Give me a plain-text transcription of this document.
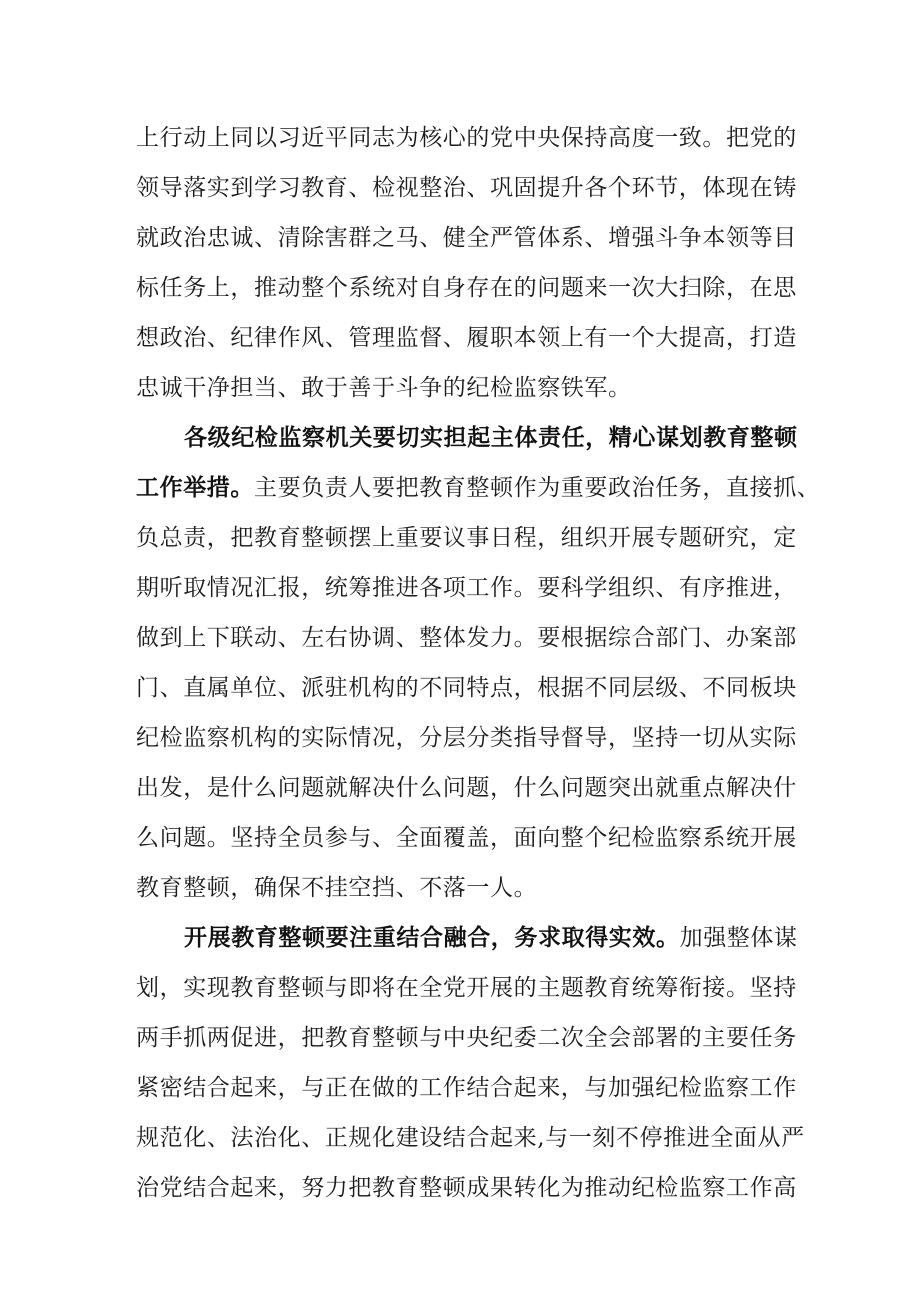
上行动上同以习近平同志为核心的党中央保持高度一致。把党的
领导落实到学习教育、检视整治、巩固提升各个环节，体现在铸
就政治忠诚、清除害群之马、健全严管体系、增强斗争本领等目
标任务上，推动整个系统对自身存在的问题来一次大扫除，在思
想政治、纪律作风、管理监督、履职本领上有一个大提高，打造
忠诚干净担当、敢于善于斗争的纪检监察铁军。

各级纪检监察机关要切实担起主体责任，精心谋划教育整顿
工作举措。主要负责人要把教育整顿作为重要政治任务，直接抓、
负总责，把教育整顿摆上重要议事日程，组织开展专题研究，定
期听取情况汇报，统筹推进各项工作。要科学组织、有序推进，
做到上下联动、左右协调、整体发力。要根据综合部门、办案部
门、直属单位、派驻机构的不同特点，根据不同层级、不同板块
纪检监察机构的实际情况，分层分类指导督导，坚持一切从实际
出发，是什么问题就解决什么问题，什么问题突出就重点解决什
么问题。坚持全员参与、全面覆盖，面向整个纪检监察系统开展
教育整顿，确保不挂空挡、不落一人。

开展教育整顿要注重结合融合，务求取得实效。加强整体谋
划，实现教育整顿与即将在全党开展的主题教育统筹衔接。坚持
两手抓两促进，把教育整顿与中央纪委二次全会部署的主要任务
紧密结合起来，与正在做的工作结合起来，与加强纪检监察工作
规范化、法治化、正规化建设结合起来,与一刻不停推进全面从严
治党结合起来，努力把教育整顿成果转化为推动纪检监察工作高
